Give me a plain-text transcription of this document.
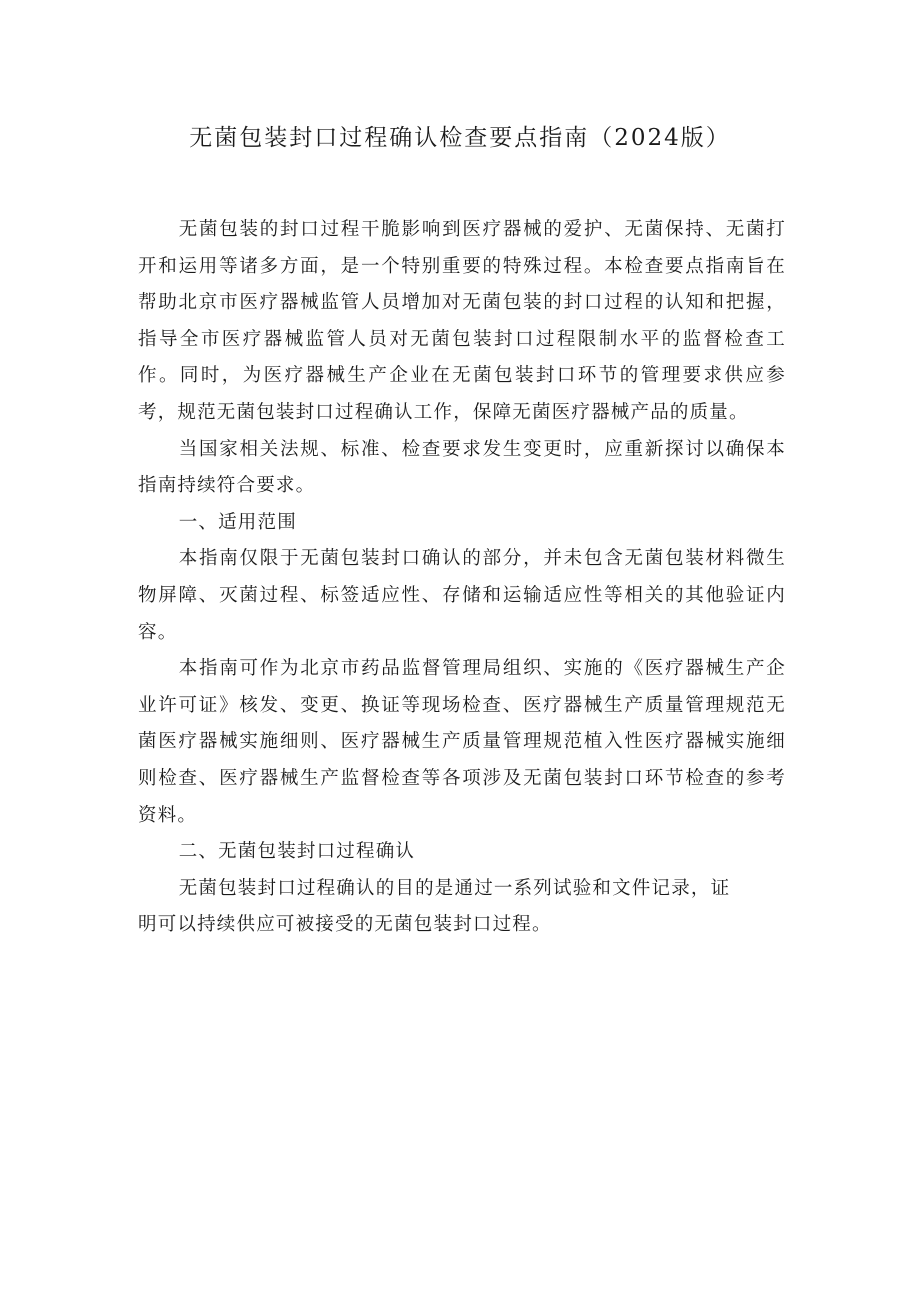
无菌包装封口过程确认检查要点指南（2024版）

无菌包装的封口过程干脆影响到医疗器械的爱护、无菌保持、无菌打开和运用等诸多方面，是一个特别重要的特殊过程。本检查要点指南旨在帮助北京市医疗器械监管人员增加对无菌包装的封口过程的认知和把握，指导全市医疗器械监管人员对无菌包装封口过程限制水平的监督检查工作。同时，为医疗器械生产企业在无菌包装封口环节的管理要求供应参考，规范无菌包装封口过程确认工作，保障无菌医疗器械产品的质量。

当国家相关法规、标准、检查要求发生变更时，应重新探讨以确保本指南持续符合要求。

一、适用范围

本指南仅限于无菌包装封口确认的部分，并未包含无菌包装材料微生物屏障、灭菌过程、标签适应性、存储和运输适应性等相关的其他验证内容。

本指南可作为北京市药品监督管理局组织、实施的《医疗器械生产企业许可证》核发、变更、换证等现场检查、医疗器械生产质量管理规范无菌医疗器械实施细则、医疗器械生产质量管理规范植入性医疗器械实施细则检查、医疗器械生产监督检查等各项涉及无菌包装封口环节检查的参考资料。

二、无菌包装封口过程确认

无菌包装封口过程确认的目的是通过一系列试验和文件记录，证明可以持续供应可被接受的无菌包装封口过程。
